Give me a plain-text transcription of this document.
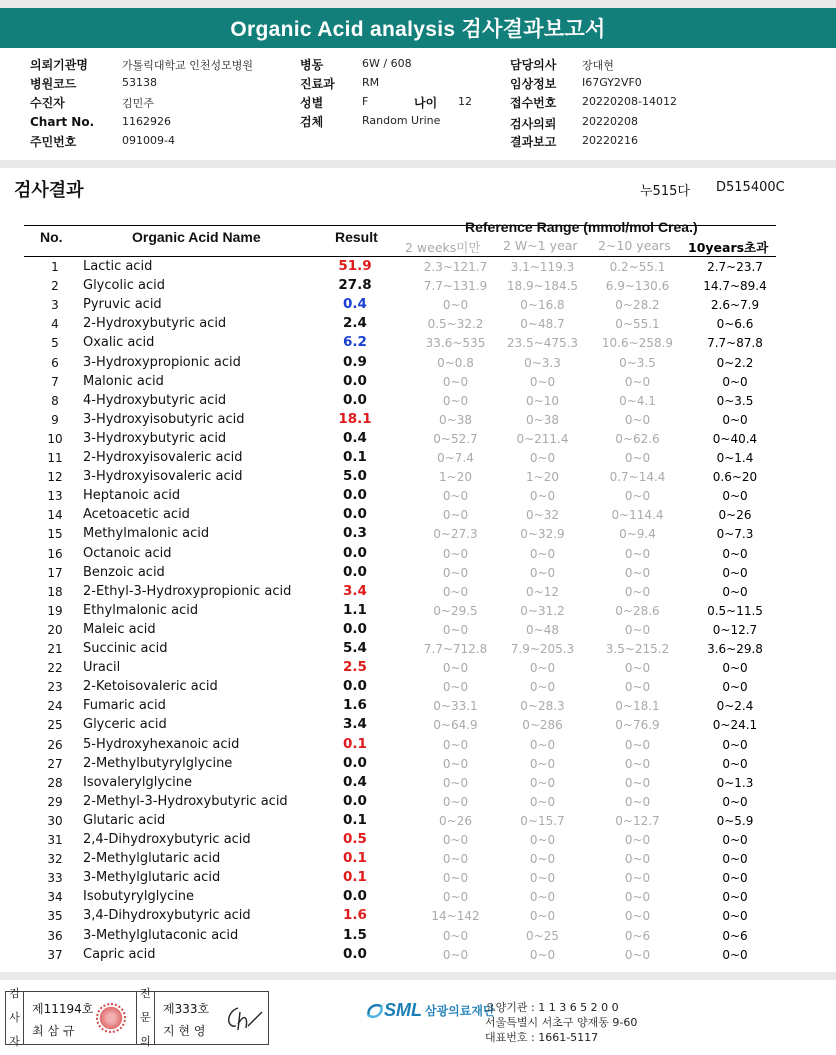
Organic Acid analysis 검사결과보고서
의뢰기관명	가톨릭대학교 인천성모병원
병원코드	53138
수진자	김민주
Chart No.	1162926
주민번호	091009-4
병동	6W / 608
진료과 RM
성별	F	나이 12
검체	Random Urine
담당의사 장대현
임상정보 I67GY2VF0
접수번호 20220208-14012
검사의뢰 20220208
결과보고 20220216
검사결과	누515다 D515400C
No.	Organic Acid Name	Result
Reference Range (mmol/mol Crea.)
2 weeks미만 2 W~1 year 2~10 years 10years초과
1	Lactic acid	51.9	2.3~121.7	3.1~119.3	0.2~55.1	2.7~23.7
2	Glycolic acid	27.8	7.7~131.9	18.9~184.5	6.9~130.6	14.7~89.4
3	Pyruvic acid	0.4	0~0	0~16.8	0~28.2	2.6~7.9
4	2-Hydroxybutyric acid	2.4	0.5~32.2	0~48.7	0~55.1	0~6.6
5	Oxalic acid	6.2	33.6~535	23.5~475.3	10.6~258.9	7.7~87.8
6	3-Hydroxypropionic acid	0.9	0~0.8	0~3.3	0~3.5	0~2.2
7	Malonic acid	0.0	0~0	0~0	0~0	0~0
8	4-Hydroxybutyric acid	0.0	0~0	0~10	0~4.1	0~3.5
9	3-Hydroxyisobutyric acid	18.1	0~38	0~38	0~0	0~0
10	3-Hydroxybutyric acid	0.4	0~52.7	0~211.4	0~62.6	0~40.4
11	2-Hydroxyisovaleric acid	0.1	0~7.4	0~0	0~0	0~1.4
12	3-Hydroxyisovaleric acid	5.0	1~20	1~20	0.7~14.4	0.6~20
13	Heptanoic acid	0.0	0~0	0~0	0~0	0~0
14	Acetoacetic acid	0.0	0~0	0~32	0~114.4	0~26
15	Methylmalonic acid	0.3	0~27.3	0~32.9	0~9.4	0~7.3
16	Octanoic acid	0.0	0~0	0~0	0~0	0~0
17	Benzoic acid	0.0	0~0	0~0	0~0	0~0
18	2-Ethyl-3-Hydroxypropionic acid	3.4	0~0	0~12	0~0	0~0
19	Ethylmalonic acid	1.1	0~29.5	0~31.2	0~28.6	0.5~11.5
20	Maleic acid	0.0	0~0	0~48	0~0	0~12.7
21	Succinic acid	5.4	7.7~712.8	7.9~205.3	3.5~215.2	3.6~29.8
22	Uracil	2.5	0~0	0~0	0~0	0~0
23	2-Ketoisovaleric acid	0.0	0~0	0~0	0~0	0~0
24	Fumaric acid	1.6	0~33.1	0~28.3	0~18.1	0~2.4
25	Glyceric acid	3.4	0~64.9	0~286	0~76.9	0~24.1
26	5-Hydroxyhexanoic acid	0.1	0~0	0~0	0~0	0~0
27	2-Methylbutyrylglycine	0.0	0~0	0~0	0~0	0~0
28	Isovalerylglycine	0.4	0~0	0~0	0~0	0~1.3
29	2-Methyl-3-Hydroxybutyric acid	0.0	0~0	0~0	0~0	0~0
30	Glutaric acid	0.1	0~26	0~15.7	0~12.7	0~5.9
31	2,4-Dihydroxybutyric acid	0.5	0~0	0~0	0~0	0~0
32	2-Methylglutaric acid	0.1	0~0	0~0	0~0	0~0
33	3-Methylglutaric acid	0.1	0~0	0~0	0~0	0~0
34	Isobutyrylglycine	0.0	0~0	0~0	0~0	0~0
35	3,4-Dihydroxybutyric acid	1.6	14~142	0~0	0~0	0~0
36	3-Methylglutaconic acid	1.5	0~0	0~25	0~6	0~6
37	Capric acid	0.0	0~0	0~0	0~0	0~0
검

사

자
제11194호
최 삼 규
전

문

의
제333호
지 현 영
SML 삼광의료재단
요양기관 : 1 1 3 6 5 2 0 0
서울특별시 서초구 양재동 9-60
대표번호 : 1661-5117
